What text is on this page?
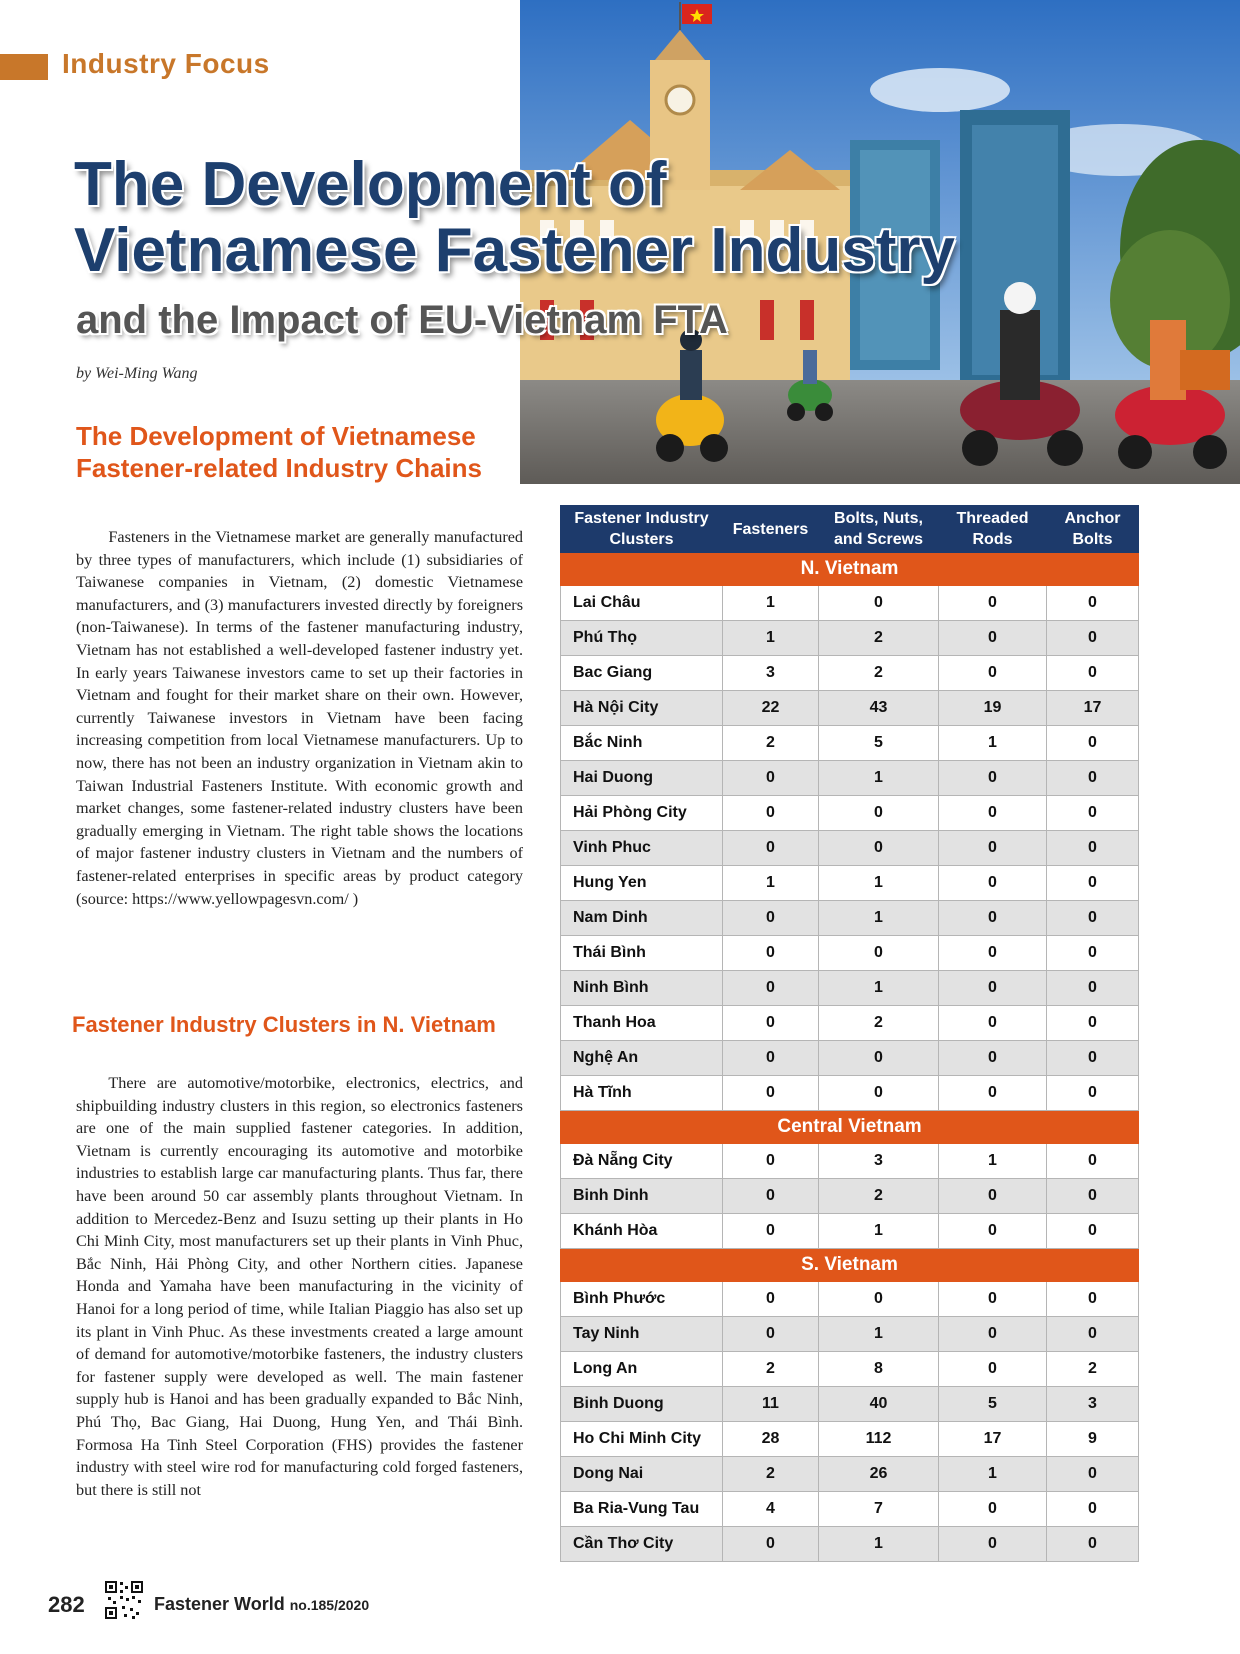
Industry Focus
The Development of
Vietnamese Fastener Industry
and the Impact of EU-Vietnam FTA
by Wei-Ming Wang
The Development of Vietnamese Fastener-related Industry Chains

  Fasteners in the Vietnamese market are generally manufactured by three types of manufacturers, which include (1) subsidiaries of Taiwanese companies in Vietnam, (2) domestic Vietnamese manufacturers, and (3) manufacturers invested directly by foreigners (non-Taiwanese). In terms of the fastener manufacturing industry, Vietnam has not established a well-developed fastener industry yet. In early years Taiwanese investors came to set up their factories in Vietnam and fought for their market share on their own. However, currently Taiwanese investors in Vietnam have been facing increasing competition from local Vietnamese manufacturers. Up to now, there has not been an industry organization in Vietnam akin to Taiwan Industrial Fasteners Institute. With economic growth and market changes, some fastener-related industry clusters have been gradually emerging in Vietnam. The right table shows the locations of major fastener industry clusters in Vietnam and the numbers of fastener-related enterprises in specific areas by product category (source: https://www.yellowpagesvn.com/ )

Fastener Industry Clusters in N. Vietnam

  There are automotive/motorbike, electronics, electrics, and shipbuilding industry clusters in this region, so electronics fasteners are one of the main supplied fastener categories. In addition, Vietnam is currently encouraging its automotive and motorbike industries to establish large car manufacturing plants. Thus far, there have been around 50 car assembly plants throughout Vietnam. In addition to Mercedez-Benz and Isuzu setting up their plants in Ho Chi Minh City, most manufacturers set up their plants in Vinh Phuc, Bắc Ninh, Hải Phòng City, and other Northern cities. Japanese Honda and Yamaha have been manufacturing in the vicinity of Hanoi for a long period of time, while Italian Piaggio has also set up its plant in Vinh Phuc. As these investments created a large amount of demand for automotive/motorbike fasteners, the industry clusters for fastener supply were developed as well. The main fastener supply hub is Hanoi and has been gradually expanded to Bắc Ninh, Phú Thọ, Bac Giang, Hai Duong, Hung Yen, and Thái Bình. Formosa Ha Tinh Steel Corporation (FHS) provides the fastener industry with steel wire rod for manufacturing cold forged fasteners, but there is still not

Fastener Industry Clusters	Fasteners	Bolts, Nuts, and Screws	Threaded Rods	Anchor Bolts
N. Vietnam				
Lai Châu	1	0	0	0
Phú Thọ	1	2	0	0
Bac Giang	3	2	0	0
Hà Nội City	22	43	19	17
Bắc Ninh	2	5	1	0
Hai Duong	0	1	0	0
Hải Phòng City	0	0	0	0
Vinh Phuc	0	0	0	0
Hung Yen	1	1	0	0
Nam Dinh	0	1	0	0
Thái Bình	0	0	0	0
Ninh Bình	0	1	0	0
Thanh Hoa	0	2	0	0
Nghệ An	0	0	0	0
Hà Tĩnh	0	0	0	0
Central Vietnam				
Đà Nẵng City	0	3	1	0
Binh Dinh	0	2	0	0
Khánh Hòa	0	1	0	0
S. Vietnam				
Bình Phước	0	0	0	0
Tay Ninh	0	1	0	0
Long An	2	8	0	2
Binh Duong	11	40	5	3
Ho Chi Minh City	28	112	17	9
Dong Nai	2	26	1	0
Ba Ria-Vung Tau	4	7	0	0
Cần Thơ City	0	1	0	0
282	Fastener World no.185/2020
